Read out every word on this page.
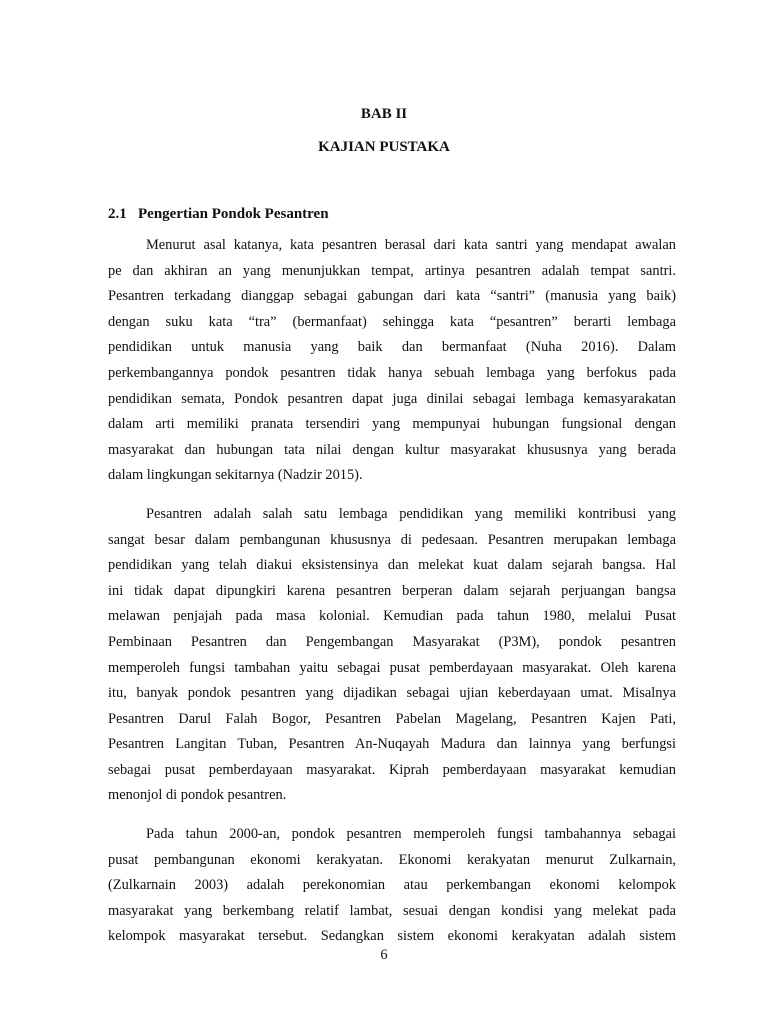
BAB II
KAJIAN PUSTAKA
2.1 Pengertian Pondok Pesantren

Menurut asal katanya, kata pesantren berasal dari kata santri yang mendapat awalan
pe dan akhiran an yang menunjukkan tempat, artinya pesantren adalah tempat santri.
Pesantren terkadang dianggap sebagai gabungan dari kata “santri” (manusia yang baik)
dengan suku kata “tra” (bermanfaat) sehingga kata “pesantren” berarti lembaga
pendidikan untuk manusia yang baik dan bermanfaat (Nuha 2016). Dalam
perkembangannya pondok pesantren tidak hanya sebuah lembaga yang berfokus pada
pendidikan semata, Pondok pesantren dapat juga dinilai sebagai lembaga kemasyarakatan
dalam arti memiliki pranata tersendiri yang mempunyai hubungan fungsional dengan
masyarakat dan hubungan tata nilai dengan kultur masyarakat khususnya yang berada
dalam lingkungan sekitarnya (Nadzir 2015).

Pesantren adalah salah satu lembaga pendidikan yang memiliki kontribusi yang
sangat besar dalam pembangunan khususnya di pedesaan. Pesantren merupakan lembaga
pendidikan yang telah diakui eksistensinya dan melekat kuat dalam sejarah bangsa. Hal
ini tidak dapat dipungkiri karena pesantren berperan dalam sejarah perjuangan bangsa
melawan penjajah pada masa kolonial. Kemudian pada tahun 1980, melalui Pusat
Pembinaan Pesantren dan Pengembangan Masyarakat (P3M), pondok pesantren
memperoleh fungsi tambahan yaitu sebagai pusat pemberdayaan masyarakat. Oleh karena
itu, banyak pondok pesantren yang dijadikan sebagai ujian keberdayaan umat. Misalnya
Pesantren Darul Falah Bogor, Pesantren Pabelan Magelang, Pesantren Kajen Pati,
Pesantren Langitan Tuban, Pesantren An-Nuqayah Madura dan lainnya yang berfungsi
sebagai pusat pemberdayaan masyarakat. Kiprah pemberdayaan masyarakat kemudian
menonjol di pondok pesantren.

Pada tahun 2000-an, pondok pesantren memperoleh fungsi tambahannya sebagai
pusat pembangunan ekonomi kerakyatan. Ekonomi kerakyatan menurut Zulkarnain,
(Zulkarnain 2003) adalah perekonomian atau perkembangan ekonomi kelompok
masyarakat yang berkembang relatif lambat, sesuai dengan kondisi yang melekat pada
kelompok masyarakat tersebut. Sedangkan sistem ekonomi kerakyatan adalah sistem

6
